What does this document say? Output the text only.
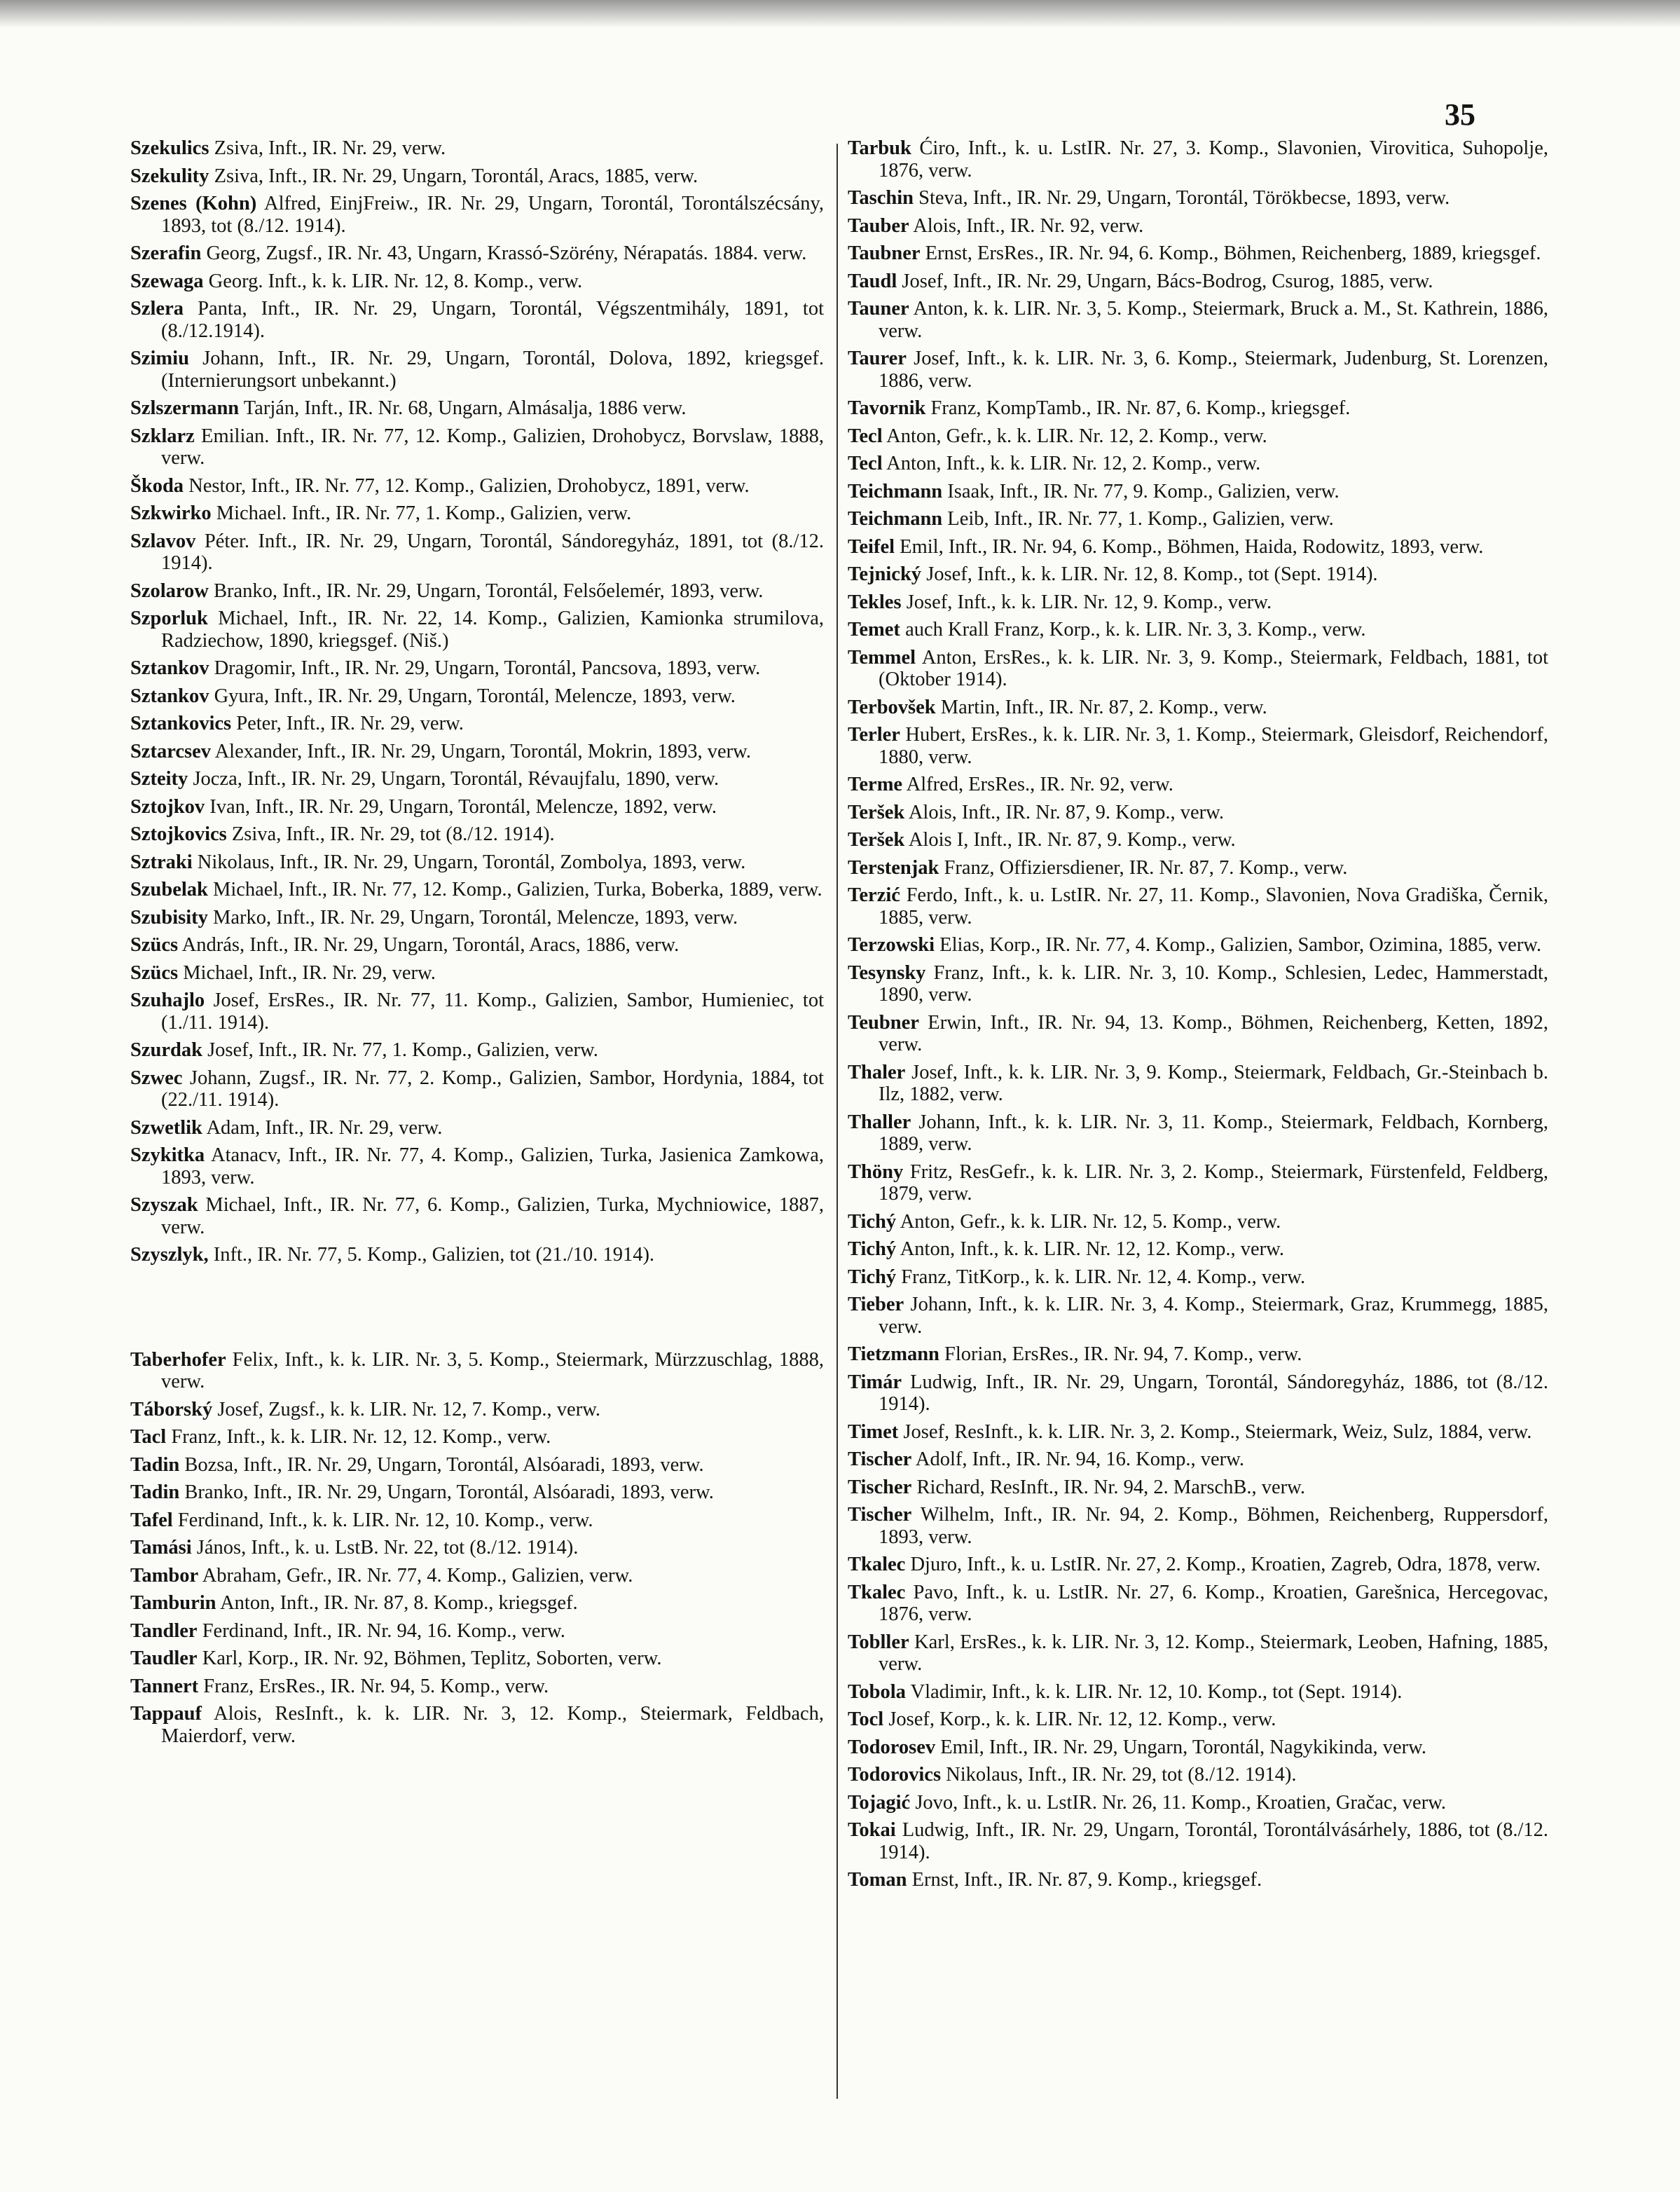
35
Szekulics Zsiva, Inft., IR. Nr. 29, verw.
Szekulity Zsiva, Inft., IR. Nr. 29, Ungarn, Torontál, Aracs, 1885, verw.
Szenes (Kohn) Alfred, EinjFreiw., IR. Nr. 29, Ungarn, Torontál, Torontálszécsány, 1893, tot (8./12. 1914).
Szerafin Georg, Zugsf., IR. Nr. 43, Ungarn, Krassó-Szörény, Nérapatás. 1884. verw.
Szewaga Georg. Inft., k. k. LIR. Nr. 12, 8. Komp., verw.
Szlera Panta, Inft., IR. Nr. 29, Ungarn, Torontál, Végszentmihály, 1891, tot (8./12.1914).
Szimiu Johann, Inft., IR. Nr. 29, Ungarn, Torontál, Dolova, 1892, kriegsgef. (Internierungsort unbekannt.)
Szlszermann Tarján, Inft., IR. Nr. 68, Ungarn, Almásalja, 1886 verw.
Szklarz Emilian. Inft., IR. Nr. 77, 12. Komp., Galizien, Drohobycz, Borvslaw, 1888, verw.
Škoda Nestor, Inft., IR. Nr. 77, 12. Komp., Galizien, Drohobycz, 1891, verw.
Szkwirko Michael. Inft., IR. Nr. 77, 1. Komp., Galizien, verw.
Szlavov Péter. Inft., IR. Nr. 29, Ungarn, Torontál, Sándoregyház, 1891, tot (8./12. 1914).
Szolarow Branko, Inft., IR. Nr. 29, Ungarn, Torontál, Felsőelemér, 1893, verw.
Szporluk Michael, Inft., IR. Nr. 22, 14. Komp., Galizien, Kamionka strumilova, Radziechow, 1890, kriegsgef. (Niš.)
Sztankov Dragomir, Inft., IR. Nr. 29, Ungarn, Torontál, Pancsova, 1893, verw.
Sztankov Gyura, Inft., IR. Nr. 29, Ungarn, Torontál, Melencze, 1893, verw.
Sztankovics Peter, Inft., IR. Nr. 29, verw.
Sztarcsev Alexander, Inft., IR. Nr. 29, Ungarn, Torontál, Mokrin, 1893, verw.
Szteity Jocza, Inft., IR. Nr. 29, Ungarn, Torontál, Révaujfalu, 1890, verw.
Sztojkov Ivan, Inft., IR. Nr. 29, Ungarn, Torontál, Melencze, 1892, verw.
Sztojkovics Zsiva, Inft., IR. Nr. 29, tot (8./12. 1914).
Sztraki Nikolaus, Inft., IR. Nr. 29, Ungarn, Torontál, Zombolya, 1893, verw.
Szubelak Michael, Inft., IR. Nr. 77, 12. Komp., Galizien, Turka, Boberka, 1889, verw.
Szubisity Marko, Inft., IR. Nr. 29, Ungarn, Torontál, Melencze, 1893, verw.
Szücs András, Inft., IR. Nr. 29, Ungarn, Torontál, Aracs, 1886, verw.
Szücs Michael, Inft., IR. Nr. 29, verw.
Szuhajlo Josef, ErsRes., IR. Nr. 77, 11. Komp., Galizien, Sambor, Humieniec, tot (1./11. 1914).
Szurdak Josef, Inft., IR. Nr. 77, 1. Komp., Galizien, verw.
Szwec Johann, Zugsf., IR. Nr. 77, 2. Komp., Galizien, Sambor, Hordynia, 1884, tot (22./11. 1914).
Szwetlik Adam, Inft., IR. Nr. 29, verw.
Szykitka Atanacv, Inft., IR. Nr. 77, 4. Komp., Galizien, Turka, Jasienica Zamkowa, 1893, verw.
Szyszak Michael, Inft., IR. Nr. 77, 6. Komp., Galizien, Turka, Mychniowice, 1887, verw.
Szyszlyk, Inft., IR. Nr. 77, 5. Komp., Galizien, tot (21./10. 1914).
Taberhofer Felix, Inft., k. k. LIR. Nr. 3, 5. Komp., Steiermark, Mürzzuschlag, 1888, verw.
Táborský Josef, Zugsf., k. k. LIR. Nr. 12, 7. Komp., verw.
Tacl Franz, Inft., k. k. LIR. Nr. 12, 12. Komp., verw.
Tadin Bozsa, Inft., IR. Nr. 29, Ungarn, Torontál, Alsóaradi, 1893, verw.
Tadin Branko, Inft., IR. Nr. 29, Ungarn, Torontál, Alsóaradi, 1893, verw.
Tafel Ferdinand, Inft., k. k. LIR. Nr. 12, 10. Komp., verw.
Tamási János, Inft., k. u. LstB. Nr. 22, tot (8./12. 1914).
Tambor Abraham, Gefr., IR. Nr. 77, 4. Komp., Galizien, verw.
Tamburin Anton, Inft., IR. Nr. 87, 8. Komp., kriegsgef.
Tandler Ferdinand, Inft., IR. Nr. 94, 16. Komp., verw.
Taudler Karl, Korp., IR. Nr. 92, Böhmen, Teplitz, Soborten, verw.
Tannert Franz, ErsRes., IR. Nr. 94, 5. Komp., verw.
Tappauf Alois, ResInft., k. k. LIR. Nr. 3, 12. Komp., Steiermark, Feldbach, Maierdorf, verw.
Tarbuk Ćiro, Inft., k. u. LstIR. Nr. 27, 3. Komp., Slavonien, Virovitica, Suhopolje, 1876, verw.
Taschin Steva, Inft., IR. Nr. 29, Ungarn, Torontál, Törökbecse, 1893, verw.
Tauber Alois, Inft., IR. Nr. 92, verw.
Taubner Ernst, ErsRes., IR. Nr. 94, 6. Komp., Böhmen, Reichenberg, 1889, kriegsgef.
Taudl Josef, Inft., IR. Nr. 29, Ungarn, Bács-Bodrog, Csurog, 1885, verw.
Tauner Anton, k. k. LIR. Nr. 3, 5. Komp., Steiermark, Bruck a. M., St. Kathrein, 1886, verw.
Taurer Josef, Inft., k. k. LIR. Nr. 3, 6. Komp., Steiermark, Judenburg, St. Lorenzen, 1886, verw.
Tavornik Franz, KompTamb., IR. Nr. 87, 6. Komp., kriegsgef.
Tecl Anton, Gefr., k. k. LIR. Nr. 12, 2. Komp., verw.
Tecl Anton, Inft., k. k. LIR. Nr. 12, 2. Komp., verw.
Teichmann Isaak, Inft., IR. Nr. 77, 9. Komp., Galizien, verw.
Teichmann Leib, Inft., IR. Nr. 77, 1. Komp., Galizien, verw.
Teifel Emil, Inft., IR. Nr. 94, 6. Komp., Böhmen, Haida, Rodowitz, 1893, verw.
Tejnický Josef, Inft., k. k. LIR. Nr. 12, 8. Komp., tot (Sept. 1914).
Tekles Josef, Inft., k. k. LIR. Nr. 12, 9. Komp., verw.
Temet auch Krall Franz, Korp., k. k. LIR. Nr. 3, 3. Komp., verw.
Temmel Anton, ErsRes., k. k. LIR. Nr. 3, 9. Komp., Steiermark, Feldbach, 1881, tot (Oktober 1914).
Terbovšek Martin, Inft., IR. Nr. 87, 2. Komp., verw.
Terler Hubert, ErsRes., k. k. LIR. Nr. 3, 1. Komp., Steiermark, Gleisdorf, Reichendorf, 1880, verw.
Terme Alfred, ErsRes., IR. Nr. 92, verw.
Teršek Alois, Inft., IR. Nr. 87, 9. Komp., verw.
Teršek Alois I, Inft., IR. Nr. 87, 9. Komp., verw.
Terstenjak Franz, Offiziersdiener, IR. Nr. 87, 7. Komp., verw.
Terzić Ferdo, Inft., k. u. LstIR. Nr. 27, 11. Komp., Slavonien, Nova Gradiška, Černik, 1885, verw.
Terzowski Elias, Korp., IR. Nr. 77, 4. Komp., Galizien, Sambor, Ozimina, 1885, verw.
Tesynsky Franz, Inft., k. k. LIR. Nr. 3, 10. Komp., Schlesien, Ledec, Hammerstadt, 1890, verw.
Teubner Erwin, Inft., IR. Nr. 94, 13. Komp., Böhmen, Reichenberg, Ketten, 1892, verw.
Thaler Josef, Inft., k. k. LIR. Nr. 3, 9. Komp., Steiermark, Feldbach, Gr.-Steinbach b. Ilz, 1882, verw.
Thaller Johann, Inft., k. k. LIR. Nr. 3, 11. Komp., Steiermark, Feldbach, Kornberg, 1889, verw.
Thöny Fritz, ResGefr., k. k. LIR. Nr. 3, 2. Komp., Steiermark, Fürstenfeld, Feldberg, 1879, verw.
Tichý Anton, Gefr., k. k. LIR. Nr. 12, 5. Komp., verw.
Tichý Anton, Inft., k. k. LIR. Nr. 12, 12. Komp., verw.
Tichý Franz, TitKorp., k. k. LIR. Nr. 12, 4. Komp., verw.
Tieber Johann, Inft., k. k. LIR. Nr. 3, 4. Komp., Steiermark, Graz, Krummegg, 1885, verw.
Tietzmann Florian, ErsRes., IR. Nr. 94, 7. Komp., verw.
Timár Ludwig, Inft., IR. Nr. 29, Ungarn, Torontál, Sándoregyház, 1886, tot (8./12. 1914).
Timet Josef, ResInft., k. k. LIR. Nr. 3, 2. Komp., Steiermark, Weiz, Sulz, 1884, verw.
Tischer Adolf, Inft., IR. Nr. 94, 16. Komp., verw.
Tischer Richard, ResInft., IR. Nr. 94, 2. MarschB., verw.
Tischer Wilhelm, Inft., IR. Nr. 94, 2. Komp., Böhmen, Reichenberg, Ruppersdorf, 1893, verw.
Tkalec Djuro, Inft., k. u. LstIR. Nr. 27, 2. Komp., Kroatien, Zagreb, Odra, 1878, verw.
Tkalec Pavo, Inft., k. u. LstIR. Nr. 27, 6. Komp., Kroatien, Garešnica, Hercegovac, 1876, verw.
Tobller Karl, ErsRes., k. k. LIR. Nr. 3, 12. Komp., Steiermark, Leoben, Hafning, 1885, verw.
Tobola Vladimir, Inft., k. k. LIR. Nr. 12, 10. Komp., tot (Sept. 1914).
Tocl Josef, Korp., k. k. LIR. Nr. 12, 12. Komp., verw.
Todorosev Emil, Inft., IR. Nr. 29, Ungarn, Torontál, Nagykikinda, verw.
Todorovics Nikolaus, Inft., IR. Nr. 29, tot (8./12. 1914).
Tojagić Jovo, Inft., k. u. LstIR. Nr. 26, 11. Komp., Kroatien, Gračac, verw.
Tokai Ludwig, Inft., IR. Nr. 29, Ungarn, Torontál, Torontálvásárhely, 1886, tot (8./12. 1914).
Toman Ernst, Inft., IR. Nr. 87, 9. Komp., kriegsgef.
